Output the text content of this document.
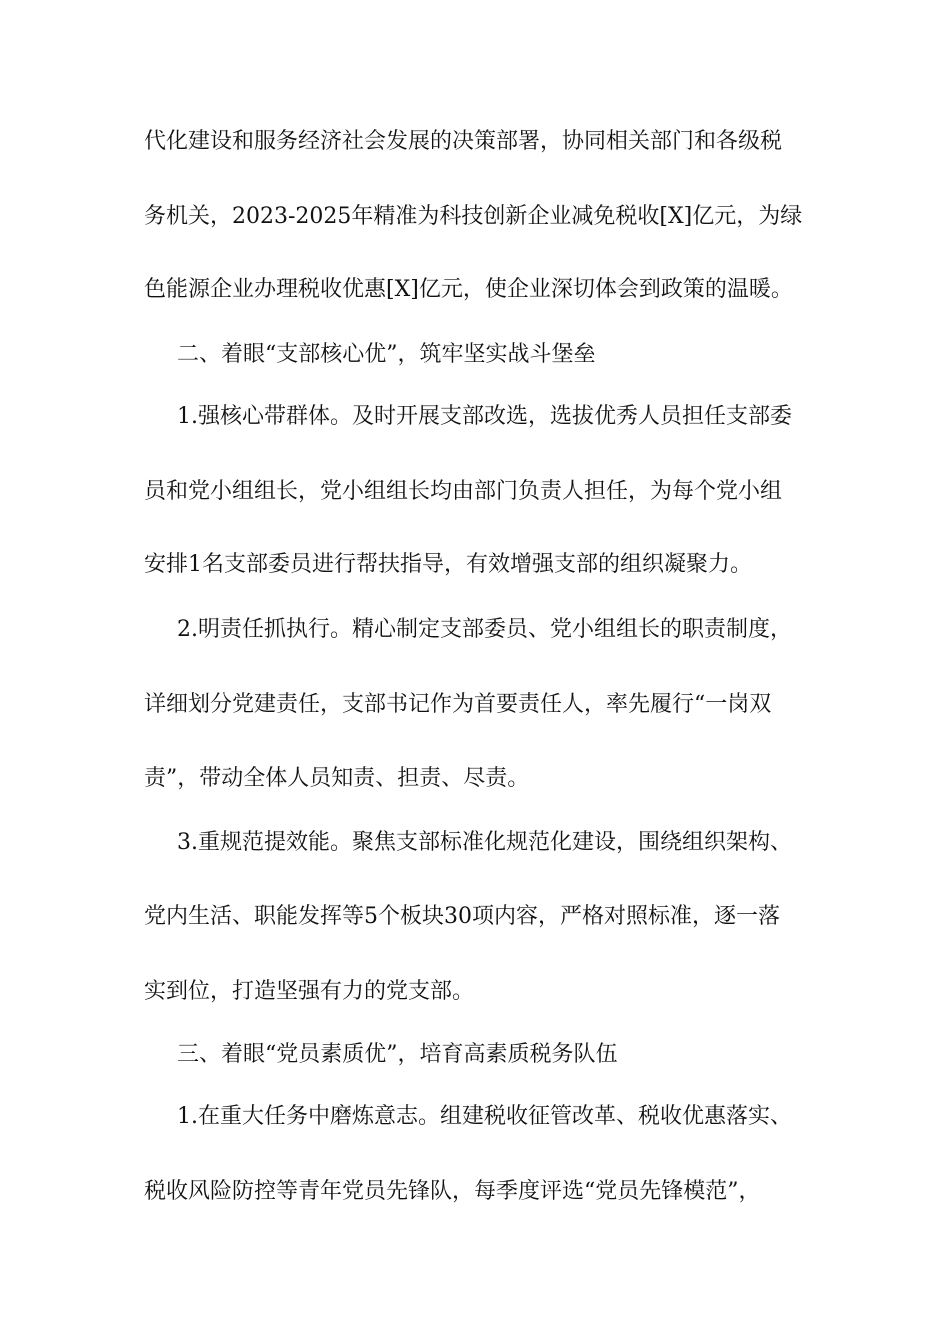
代化建设和服务经济社会发展的决策部署，协同相关部门和各级税
务机关，2023-2025年精准为科技创新企业减免税收[X]亿元，为绿
色能源企业办理税收优惠[X]亿元，使企业深切体会到政策的温暖。
二、着眼“支部核心优”，筑牢坚实战斗堡垒
1.强核心带群体。及时开展支部改选，选拔优秀人员担任支部委
员和党小组组长，党小组组长均由部门负责人担任，为每个党小组
安排1名支部委员进行帮扶指导，有效增强支部的组织凝聚力。
2.明责任抓执行。精心制定支部委员、党小组组长的职责制度，
详细划分党建责任，支部书记作为首要责任人，率先履行“一岗双
责”，带动全体人员知责、担责、尽责。
3.重规范提效能。聚焦支部标准化规范化建设，围绕组织架构、
党内生活、职能发挥等5个板块30项内容，严格对照标准，逐一落
实到位，打造坚强有力的党支部。
三、着眼“党员素质优”，培育高素质税务队伍
1.在重大任务中磨炼意志。组建税收征管改革、税收优惠落实、
税收风险防控等青年党员先锋队，每季度评选“党员先锋模范”，
